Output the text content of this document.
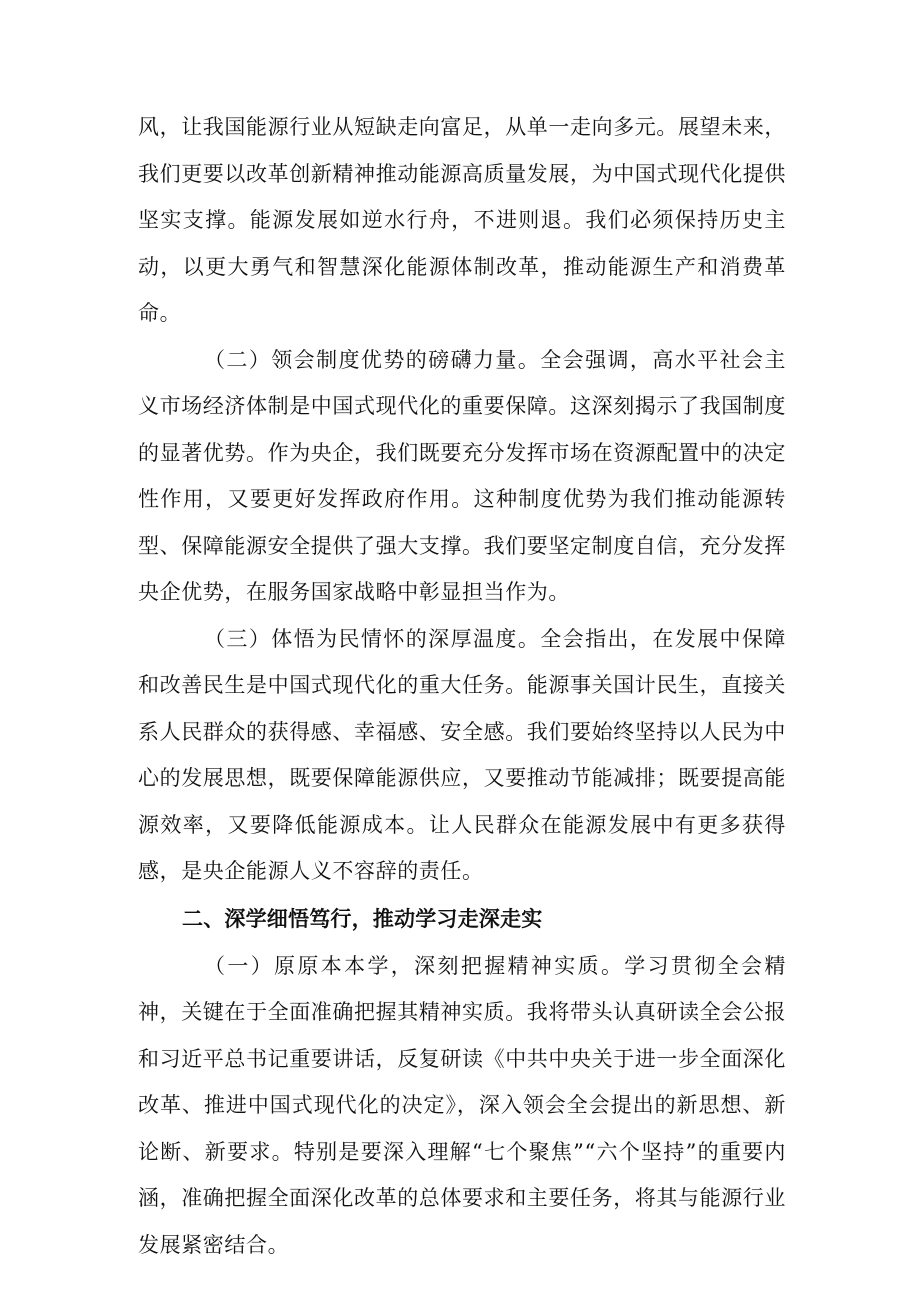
风，让我国能源行业从短缺走向富足，从单一走向多元。展望未来，我们更要以改革创新精神推动能源高质量发展，为中国式现代化提供坚实支撑。能源发展如逆水行舟，不进则退。我们必须保持历史主动，以更大勇气和智慧深化能源体制改革，推动能源生产和消费革命。

（二）领会制度优势的磅礴力量。全会强调，高水平社会主义市场经济体制是中国式现代化的重要保障。这深刻揭示了我国制度的显著优势。作为央企，我们既要充分发挥市场在资源配置中的决定性作用，又要更好发挥政府作用。这种制度优势为我们推动能源转型、保障能源安全提供了强大支撑。我们要坚定制度自信，充分发挥央企优势，在服务国家战略中彰显担当作为。

（三）体悟为民情怀的深厚温度。全会指出，在发展中保障和改善民生是中国式现代化的重大任务。能源事关国计民生，直接关系人民群众的获得感、幸福感、安全感。我们要始终坚持以人民为中心的发展思想，既要保障能源供应，又要推动节能减排；既要提高能源效率，又要降低能源成本。让人民群众在能源发展中有更多获得感，是央企能源人义不容辞的责任。

二、深学细悟笃行，推动学习走深走实

（一）原原本本学，深刻把握精神实质。学习贯彻全会精神，关键在于全面准确把握其精神实质。我将带头认真研读全会公报和习近平总书记重要讲话，反复研读《中共中央关于进一步全面深化改革、推进中国式现代化的决定》，深入领会全会提出的新思想、新论断、新要求。特别是要深入理解“七个聚焦”“六个坚持”的重要内涵，准确把握全面深化改革的总体要求和主要任务，将其与能源行业发展紧密结合。
